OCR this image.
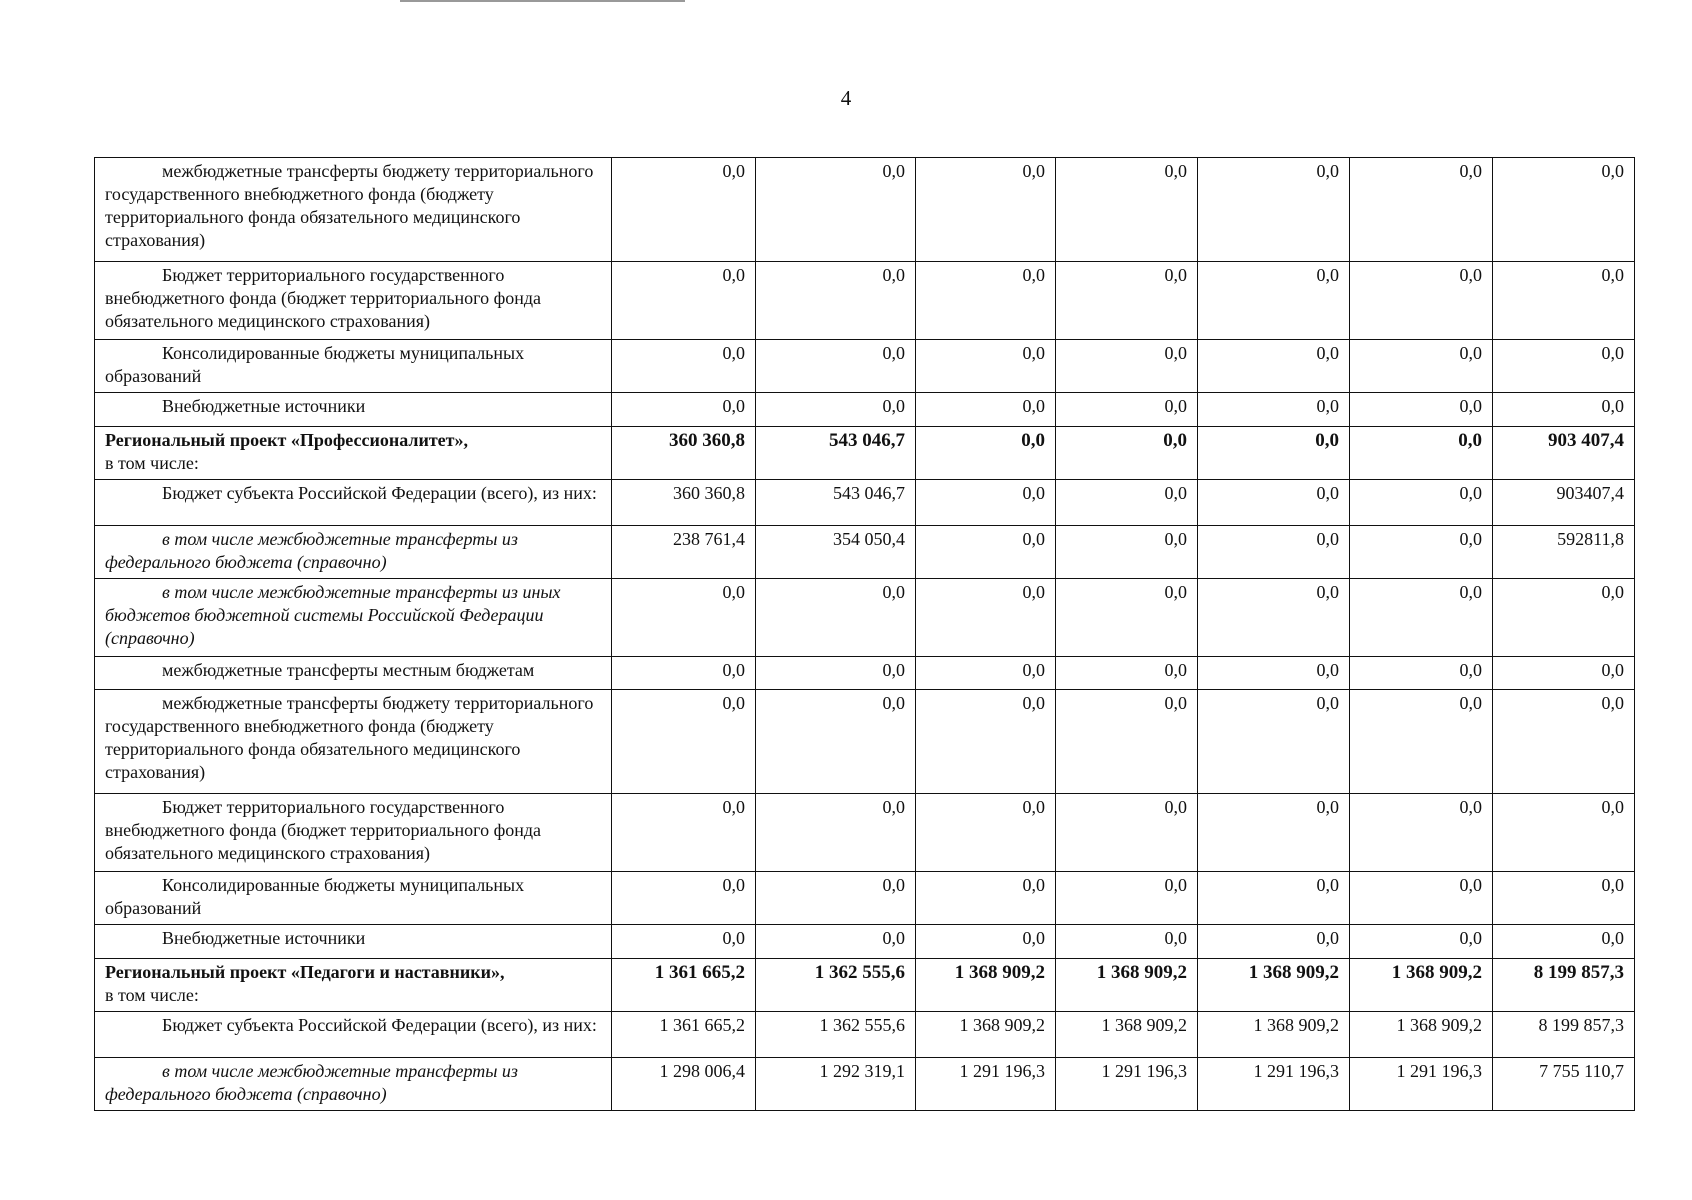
4
межбюджетные трансферты бюджету территориального государственного внебюджетного фонда (бюджету территориального фонда обязательного медицинского страхования)	0,0	0,0	0,0	0,0	0,0	0,0	0,0

Бюджет территориального государственного внебюджетного фонда (бюджет территориального фонда обязательного медицинского страхования)	0,0	0,0	0,0	0,0	0,0	0,0	0,0

Консолидированные бюджеты муниципальных образований	0,0	0,0	0,0	0,0	0,0	0,0	0,0

Внебюджетные источники	0,0	0,0	0,0	0,0	0,0	0,0	0,0

Региональный проект «Профессионалитет»,
в том числе:	360 360,8	543 046,7	0,0	0,0	0,0	0,0	903 407,4

Бюджет субъекта Российской Федерации (всего), из них:	360 360,8	543 046,7	0,0	0,0	0,0	0,0	903407,4

в том числе межбюджетные трансферты из федерального бюджета (справочно)	238 761,4	354 050,4	0,0	0,0	0,0	0,0	592811,8

в том числе межбюджетные трансферты из иных бюджетов бюджетной системы Российской Федерации (справочно)	0,0	0,0	0,0	0,0	0,0	0,0	0,0

межбюджетные трансферты местным бюджетам	0,0	0,0	0,0	0,0	0,0	0,0	0,0

межбюджетные трансферты бюджету территориального государственного внебюджетного фонда (бюджету территориального фонда обязательного медицинского страхования)	0,0	0,0	0,0	0,0	0,0	0,0	0,0

Бюджет территориального государственного внебюджетного фонда (бюджет территориального фонда обязательного медицинского страхования)	0,0	0,0	0,0	0,0	0,0	0,0	0,0

Консолидированные бюджеты муниципальных образований	0,0	0,0	0,0	0,0	0,0	0,0	0,0

Внебюджетные источники	0,0	0,0	0,0	0,0	0,0	0,0	0,0

Региональный проект «Педагоги и наставники»,
в том числе:	1 361 665,2	1 362 555,6	1 368 909,2	1 368 909,2	1 368 909,2	1 368 909,2	8 199 857,3

Бюджет субъекта Российской Федерации (всего), из них:	1 361 665,2	1 362 555,6	1 368 909,2	1 368 909,2	1 368 909,2	1 368 909,2	8 199 857,3

в том числе межбюджетные трансферты из федерального бюджета (справочно)	1 298 006,4	1 292 319,1	1 291 196,3	1 291 196,3	1 291 196,3	1 291 196,3	7 755 110,7
